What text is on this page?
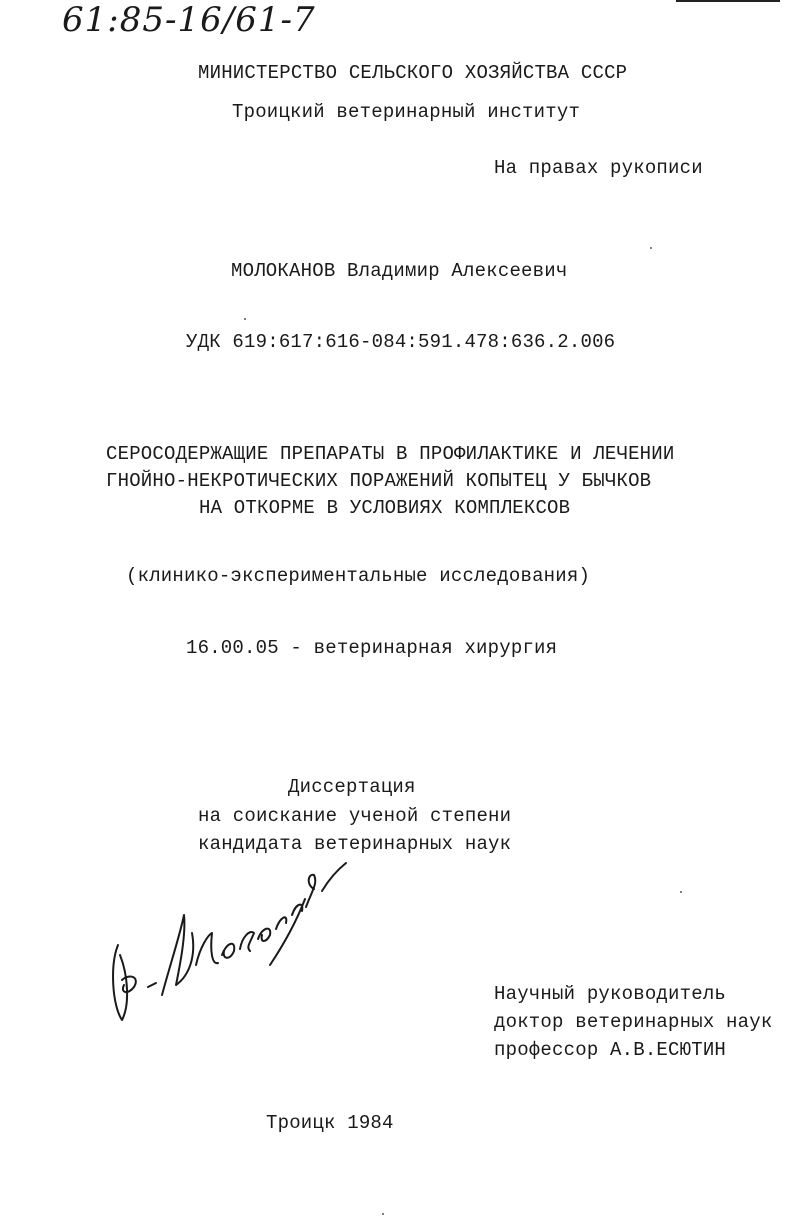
61:85-16/61-7
МИНИСТЕРСТВО СЕЛЬСКОГО ХОЗЯЙСТВА СССР
Троицкий ветеринарный институт
На правах рукописи
МОЛОКАНОВ Владимир Алексеевич
УДК 619:617:616-084:591.478:636.2.006
СЕРОСОДЕРЖАЩИЕ ПРЕПАРАТЫ В ПРОФИЛАКТИКЕ И ЛЕЧЕНИИ
ГНОЙНО-НЕКРОТИЧЕСКИХ ПОРАЖЕНИЙ КОПЫТЕЦ У БЫЧКОВ
НА ОТКОРМЕ В УСЛОВИЯХ КОМПЛЕКСОВ
(клинико-экспериментальные исследования)
16.00.05 - ветеринарная хирургия
Диссертация
на соискание ученой степени
кандидата ветеринарных наук
Научный руководитель
доктор ветеринарных наук
профессор А.В.ЕСЮТИН
Троицк 1984
